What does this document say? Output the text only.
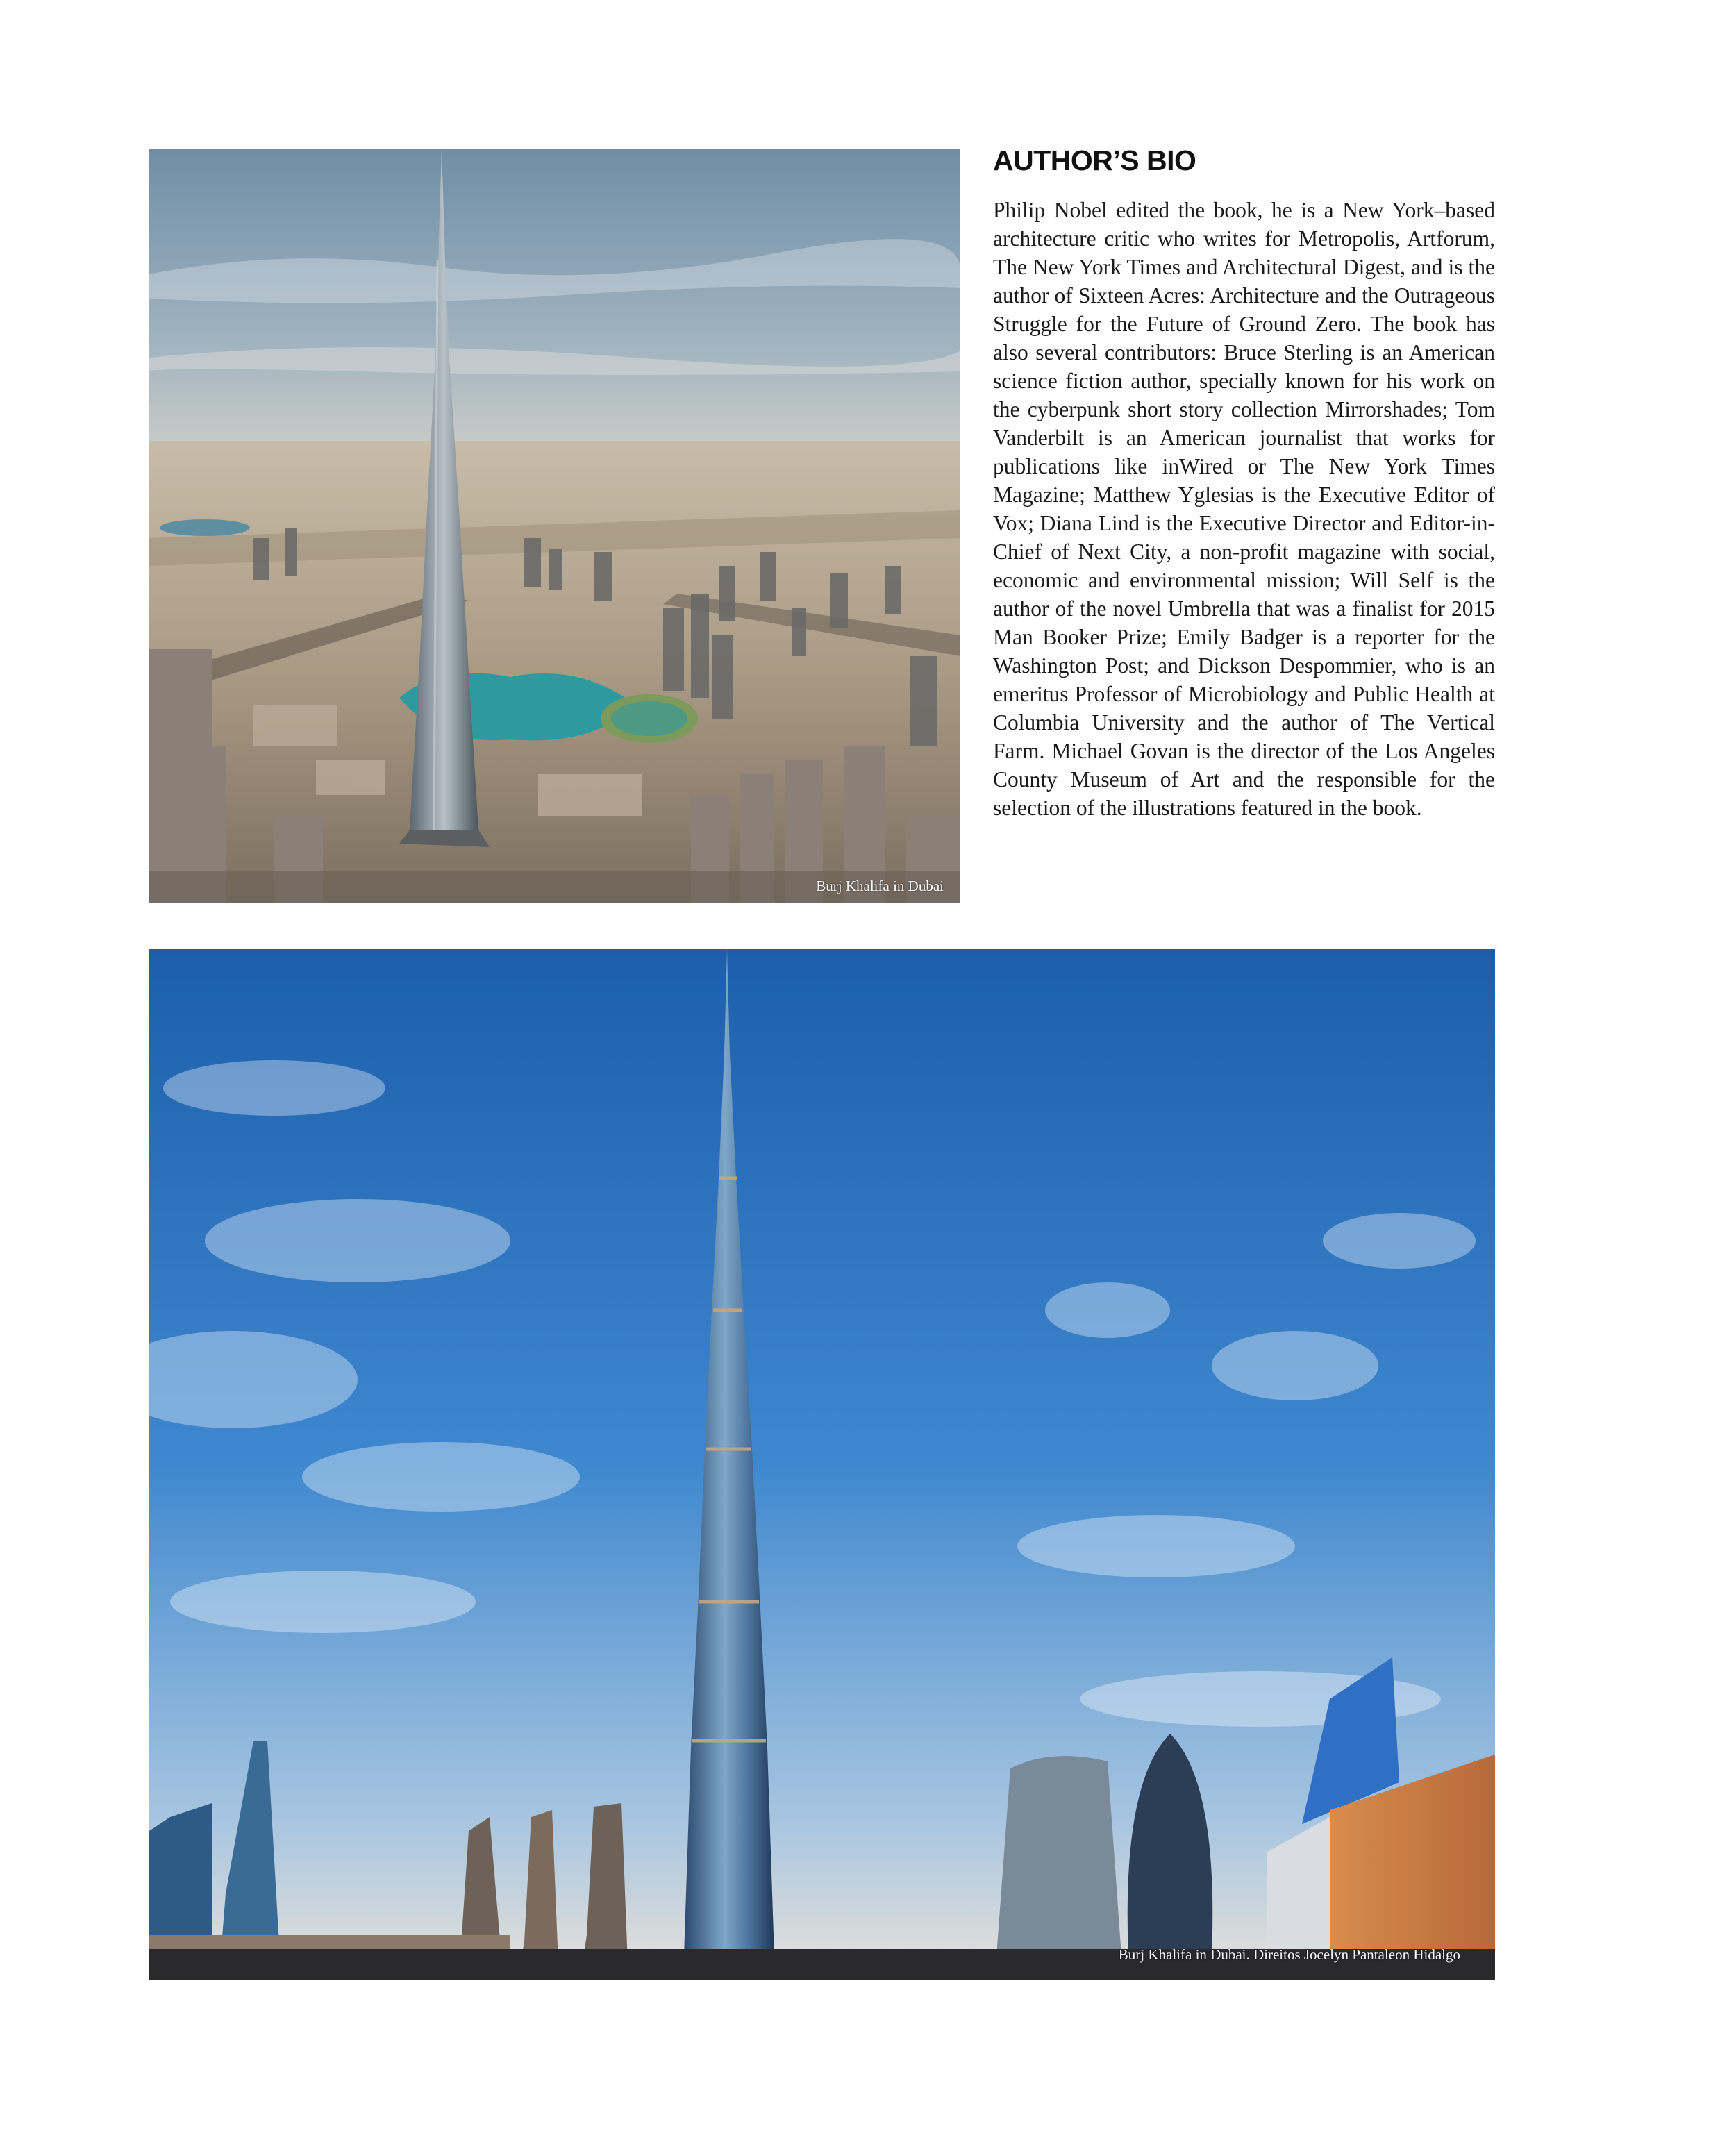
Burj Khalifa in Dubai
AUTHOR’S BIO

Philip Nobel edited the book, he is a New York–based architecture critic who writes for Metropolis, Artforum, The New York Times and Architectural Digest, and is the author of Sixteen Acres: Architecture and the Outrageous Struggle for the Future of Ground Zero. The book has also several contributors: Bruce Sterling is an American science fiction author, specially known for his work on the cyberpunk short story collection Mirrorshades; Tom Vanderbilt is an American journalist that works for publications like inWired or The New York Times Magazine; Matthew Yglesias is the Executive Editor of Vox; Diana Lind is the Executive Director and Editor-in-Chief of Next City, a non-profit magazine with social, economic and environmental mission; Will Self is the author of the novel Umbrella that was a finalist for 2015 Man Booker Prize; Emily Badger is a reporter for the Washington Post; and Dickson Despommier, who is an emeritus Professor of Microbiology and Public Health at Columbia University and the author of The Vertical Farm. Michael Govan is the director of the Los Angeles County Museum of Art and the responsible for the selection of the illustrations featured in the book.

Burj Khalifa in Dubai. Direitos Jocelyn Pantaleon Hidalgo
